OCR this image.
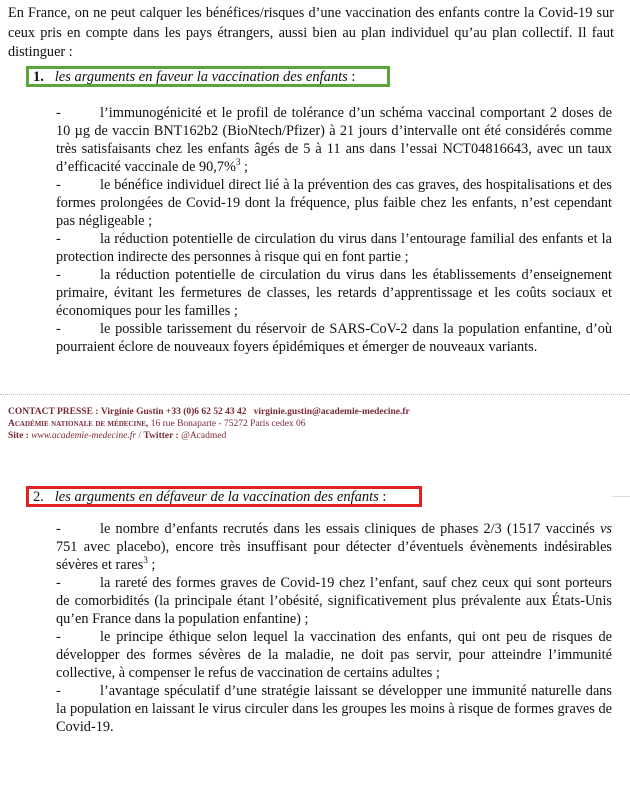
En France, on ne peut calquer les bénéfices/risques d’une vaccination des enfants contre la Covid-19 sur ceux pris en compte dans les pays étrangers, aussi bien au plan individuel qu’au plan collectif. Il faut distinguer :

1. les arguments en faveur la vaccination des enfants :

-	l’immunogénicité et le profil de tolérance d’un schéma vaccinal comportant 2 doses de 10 µg de vaccin BNT162b2 (BioNtech/Pfizer) à 21 jours d’intervalle ont été considérés comme très satisfaisants chez les enfants âgés de 5 à 11 ans dans l’essai NCT04816643, avec un taux d’efficacité vaccinale de 90,7%$^3$ ;

-	le bénéfice individuel direct lié à la prévention des cas graves, des hospitalisations et des formes prolongées de Covid-19 dont la fréquence, plus faible chez les enfants, n’est cependant pas négligeable ;

-	la réduction potentielle de circulation du virus dans l’entourage familial des enfants et la protection indirecte des personnes à risque qui en font partie ;

-	la réduction potentielle de circulation du virus dans les établissements d’enseignement primaire, évitant les fermetures de classes, les retards d’apprentissage et les coûts sociaux et économiques pour les familles ;

-	le possible tarissement du réservoir de SARS-CoV-2 dans la population enfantine, d’où pourraient éclore de nouveaux foyers épidémiques et émerger de nouveaux variants.

CONTACT PRESSE : Virginie Gustin +33 (0)6 62 52 43 42 virginie.gustin@academie-medecine.fr
Académie nationale de médecine, 16 rue Bonaparte - 75272 Paris cedex 06
Site : www.academie-medecine.fr / Twitter : @Acadmed
2. les arguments en défaveur de la vaccination des enfants :

-	le nombre d’enfants recrutés dans les essais cliniques de phases 2/3 (1517 vaccinés vs 751 avec placebo), encore très insuffisant pour détecter d’éventuels évènements indésirables sévères et rares$^3$ ;

-	la rareté des formes graves de Covid-19 chez l’enfant, sauf chez ceux qui sont porteurs de comorbidités (la principale étant l’obésité, significativement plus prévalente aux États-Unis qu’en France dans la population enfantine) ;

-	le principe éthique selon lequel la vaccination des enfants, qui ont peu de risques de développer des formes sévères de la maladie, ne doit pas servir, pour atteindre l’immunité collective, à compenser le refus de vaccination de certains adultes ;

-	l’avantage spéculatif d’une stratégie laissant se développer une immunité naturelle dans la population en laissant le virus circuler dans les groupes les moins à risque de formes graves de Covid-19.
